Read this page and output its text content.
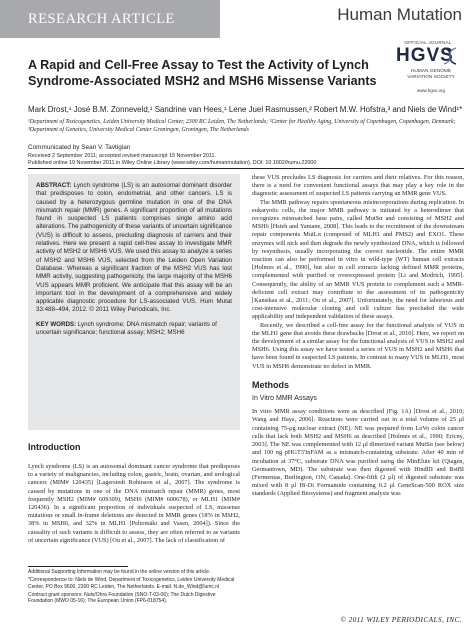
RESEARCH ARTICLE	Human Mutation
OFFICIAL JOURNAL
HGVS
HUMAN GENOME
VARIATION SOCIETY
www.hgvs.org
A Rapid and Cell-Free Assay to Test the Activity of Lynch Syndrome-Associated MSH2 and MSH6 Missense Variants
Mark Drost,¹ José B.M. Zonneveld,¹ Sandrine van Hees,¹ Lene Juel Rasmussen,² Robert M.W. Hofstra,³ and Niels de Wind¹*
¹Department of Toxicogenetics, Leiden University Medical Center, 2300 RC Leiden, The Netherlands; ²Center for Healthy Aging, University of Copenhagen, Copenhagen, Denmark; ³Department of Genetics, University Medical Center Groningen, Groningen, The Netherlands
Communicated by Sean V. Tavtigian
Received 2 September 2011; accepted revised manuscript 15 November 2011.
Published online 19 November 2011 in Wiley Online Library (www.wiley.com/humanmutation). DOI: 10.1002/humu.22000

ABSTRACT: Lynch syndrome (LS) is an autosomal dominant disorder that predisposes to colon, endometrial, and other cancers. LS is caused by a heterozygous germline mutation in one of the DNA mismatch repair (MMR) genes. A significant proportion of all mutations found in suspected LS patients comprises single amino acid alterations. The pathogenicity of these variants of uncertain significance (VUS) is difficult to assess, precluding diagnosis of carriers and their relatives. Here we present a rapid cell-free assay to investigate MMR activity of MSH2 or MSH6 VUS. We used this assay to analyze a series of MSH2 and MSH6 VUS, selected from the Leiden Open Variation Database. Whereas a significant fraction of the MSH2 VUS has lost MMR activity, suggesting pathogenicity, the large majority of the MSH6 VUS appears MMR proficient. We anticipate that this assay will be an important tool in the development of a comprehensive and widely applicable diagnostic procedure for LS-associated VUS. Hum Mutat 33:488–494, 2012. © 2011 Wiley Periodicals, Inc.

KEY WORDS: Lynch syndrome; DNA mismatch repair; variants of uncertain significance; functional assay; MSH2; MSH6
Introduction

Lynch syndrome (LS) is an autosomal dominant cancer syndrome that predisposes to a variety of malignancies, including colon, gastric, brain, ovarian, and urological cancers (MIM# 120435) [Lagerstedt Robinson et al., 2007]. The syndrome is caused by mutations in one of the DNA mismatch repair (MMR) genes, most frequently MSH2 (MIM# 609309), MSH6 (MIM# 600678), or MLH1 (MIM# 120436). In a significant proportion of individuals suspected of LS, missense mutations or small in-frame deletions are detected in MMR genes (18% in MSH2, 38% in MSH6, and 32% in MLH1 [Peltomäki and Vasen, 2004]). Since the causality of such variants is difficult to assess, they are often referred to as variants of uncertain significance (VUS) [Ou et al., 2007]. The lack of classification of

Additional Supporting Information may be found in the online version of this article.

*Correspondence to: Niels de Wind, Department of Toxicogenetics, Leiden University Medical Center, PO Box 9600, 2300 RC Leiden, The Netherlands. E-mail: N.de_Wind@lumc.nl

Contract grant sponsors: Nuts/Ohra Foundation (SNO-T-03-06); The Dutch Digestive Foundation (MWO 05-16); The European Union (FP6-018754).

these VUS precludes LS diagnosis for carriers and their relatives. For this reason, there is a need for convenient functional assays that may play a key role in the diagnostic assessment of suspected LS patients carrying an MMR gene VUS.

The MMR pathway repairs spontaneous misincorporations during replication. In eukaryotic cells, the major MMR pathway is initiated by a heterodimer that recognizes mismatched base pairs, called MutSα and consisting of MSH2 and MSH6 [Hsieh and Yamane, 2008]. This leads to the recruitment of the downstream repair components MutLα (composed of MLH1 and PMS2) and EXO1. These enzymes will nick and then degrade the newly synthesized DNA, which is followed by resynthesis, usually incorporating the correct nucleotide. The entire MMR reaction can also be performed in vitro in wild-type (WT) human cell extracts [Holmes et al., 1990], but also in cell extracts lacking defined MMR proteins, complemented with purified or overexpressed protein [Li and Modrich, 1995]. Consequently, the ability of an MMR VUS protein to complement such a MMR-deficient cell extract may contribute to the assessment of its pathogenicity [Kansikas et al., 2011; Ou et al., 2007]. Unfortunately, the need for laborious and cost-intensive molecular cloning and cell culture has precluded the wide applicability and independent validation of these assays.

Recently, we described a cell-free assay for the functional analysis of VUS in the MLH1 gene that avoids these drawbacks [Drost et al., 2010]. Here, we report on the development of a similar assay for the functional analysis of VUS in MSH2 and MSH6. Using this assay we have tested a series of VUS in MSH2 and MSH6 that have been found in suspected LS patients. In contrast to many VUS in MLH1, most VUS in MSH6 demonstrate no defect in MMR.

Methods
In Vitro MMR Assays

In vitro MMR assay conditions were as described (Fig. 1A) [Drost et al., 2010; Wang and Hays, 2006]. Reactions were carried out in a total volume of 25 μl containing 75-μg nuclear extract (NE). NE was prepared from LoVo colon cancer cells that lack both MSH2 and MSH6 as described [Holmes et al., 1990; Ericny, 2003]. The NE was complemented with 12 μl dimerized variant MutSα (see below) and 100 ng pHGT3'InFAM as a mismatch-containing substrate. After 40 min of incubation at 37°C, substrate DNA was purified using the MinElute kit (Qiagen, Germantown, MD). The substrate was then digested with HindIII and BstBI (Fermentas, Burlington, ON, Canada). One-fifth (2 μl) of digested substrate was mixed with 8 μl Hi-Di Formamide containing 0.2 μl GeneScan-500 ROX size standards (Applied Biosystems) and fragment analysis was

© 2011 WILEY PERIODICALS, INC.
